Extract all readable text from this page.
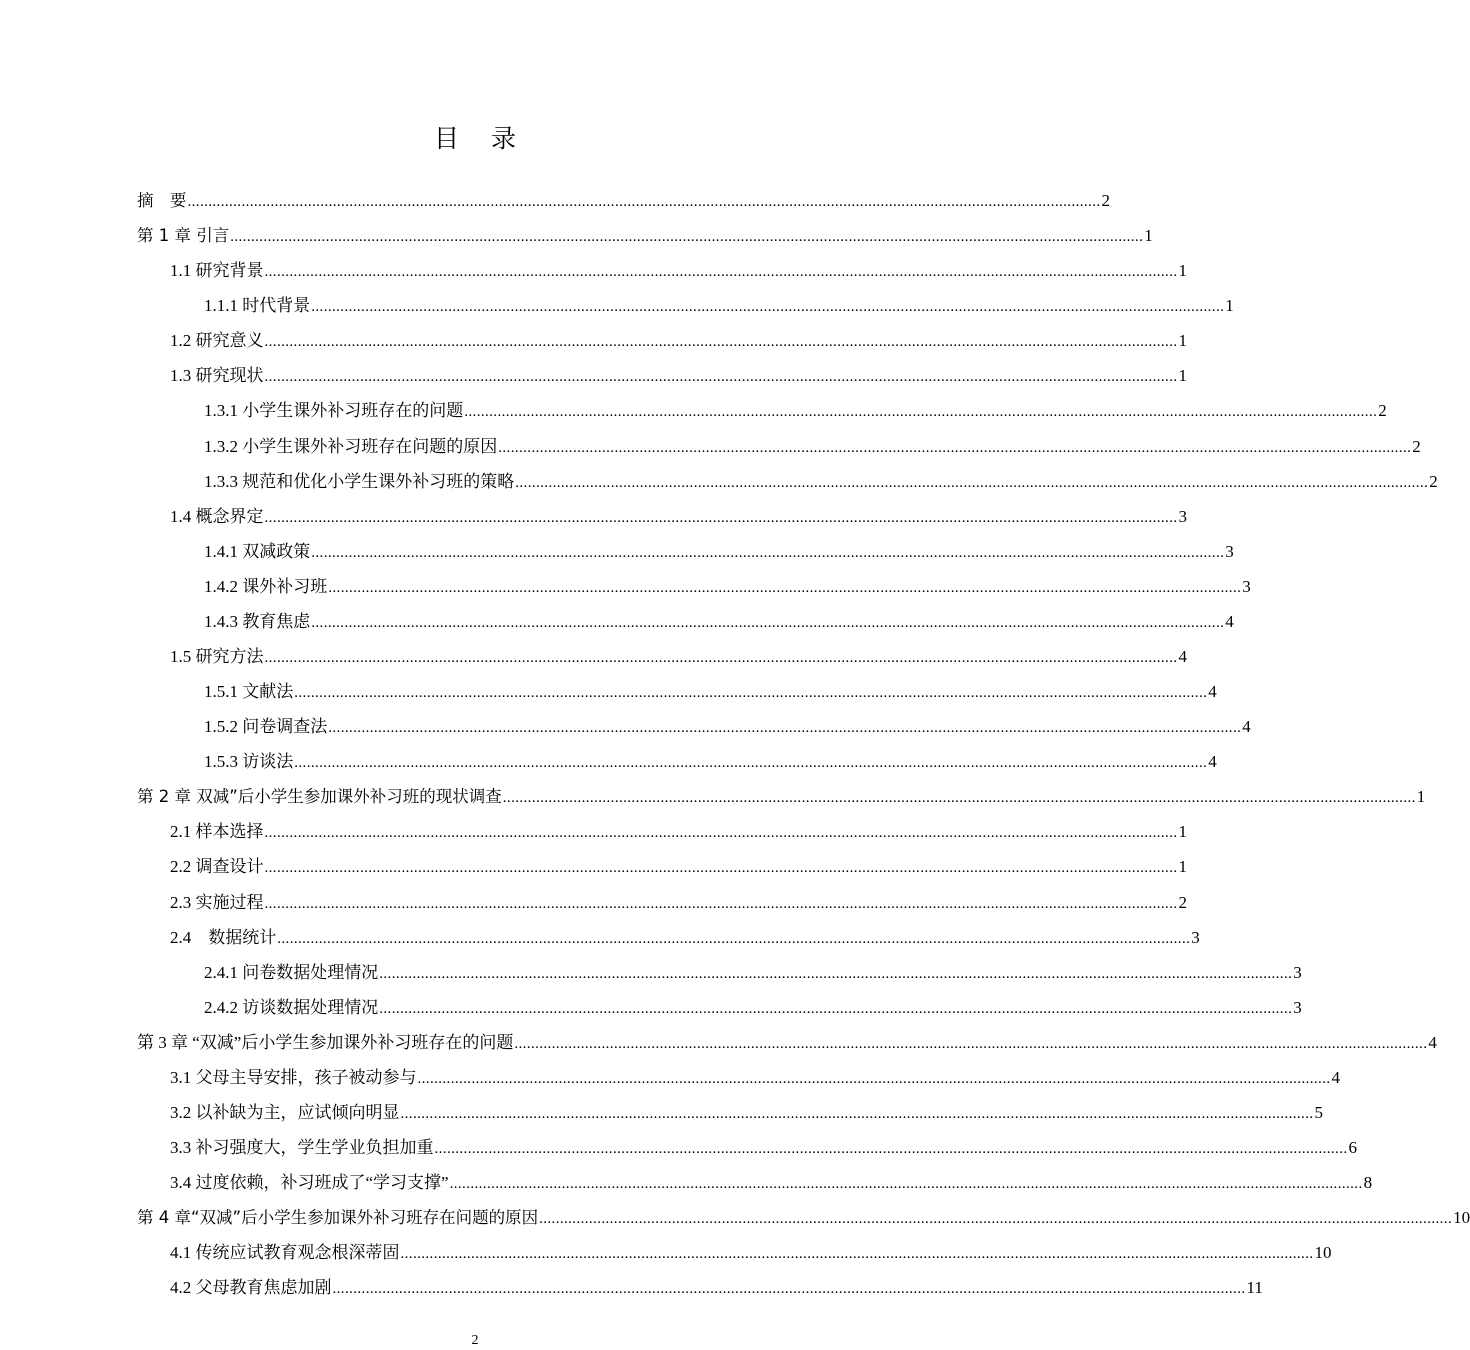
目 录
摘　要 ............................................................................................................................................................................................................................ 2
第 1 章 引言 ............................................................................................................................................................................................................................ 1
1.1 研究背景 ............................................................................................................................................................................................................................ 1
1.1.1 时代背景 ............................................................................................................................................................................................................................ 1
1.2 研究意义 ............................................................................................................................................................................................................................ 1
1.3 研究现状 ............................................................................................................................................................................................................................ 1
1.3.1 小学生课外补习班存在的问题 ............................................................................................................................................................................................................................ 2
1.3.2 小学生课外补习班存在问题的原因 ............................................................................................................................................................................................................................ 2
1.3.3 规范和优化小学生课外补习班的策略 ............................................................................................................................................................................................................................ 2
1.4 概念界定 ............................................................................................................................................................................................................................ 3
1.4.1 双减政策 ............................................................................................................................................................................................................................ 3
1.4.2 课外补习班 ............................................................................................................................................................................................................................ 3
1.4.3 教育焦虑 ............................................................................................................................................................................................................................ 4
1.5 研究方法 ............................................................................................................................................................................................................................ 4
1.5.1 文献法 ............................................................................................................................................................................................................................ 4
1.5.2 问卷调查法 ............................................................................................................................................................................................................................ 4
1.5.3 访谈法 ............................................................................................................................................................................................................................ 4
第 2 章 双减”后小学生参加课外补习班的现状调查 ............................................................................................................................................................................................................................ 1
2.1 样本选择 ............................................................................................................................................................................................................................ 1
2.2 调查设计 ............................................................................................................................................................................................................................ 1
2.3 实施过程 ............................................................................................................................................................................................................................ 2
2.4　数据统计 ............................................................................................................................................................................................................................ 3
2.4.1 问卷数据处理情况 ............................................................................................................................................................................................................................ 3
2.4.2 访谈数据处理情况 ............................................................................................................................................................................................................................ 3
第 3 章 “双减”后小学生参加课外补习班存在的问题 ............................................................................................................................................................................................................................ 4
3.1 父母主导安排，孩子被动参与 ............................................................................................................................................................................................................................ 4
3.2 以补缺为主，应试倾向明显 ............................................................................................................................................................................................................................ 5
3.3 补习强度大，学生学业负担加重 ............................................................................................................................................................................................................................ 6
3.4 过度依赖，补习班成了“学习支撑” ............................................................................................................................................................................................................................ 8
第 4 章“双减”后小学生参加课外补习班存在问题的原因 ............................................................................................................................................................................................................................ 10
4.1 传统应试教育观念根深蒂固 ............................................................................................................................................................................................................................ 10
4.2 父母教育焦虑加剧 ............................................................................................................................................................................................................................ 11
2
